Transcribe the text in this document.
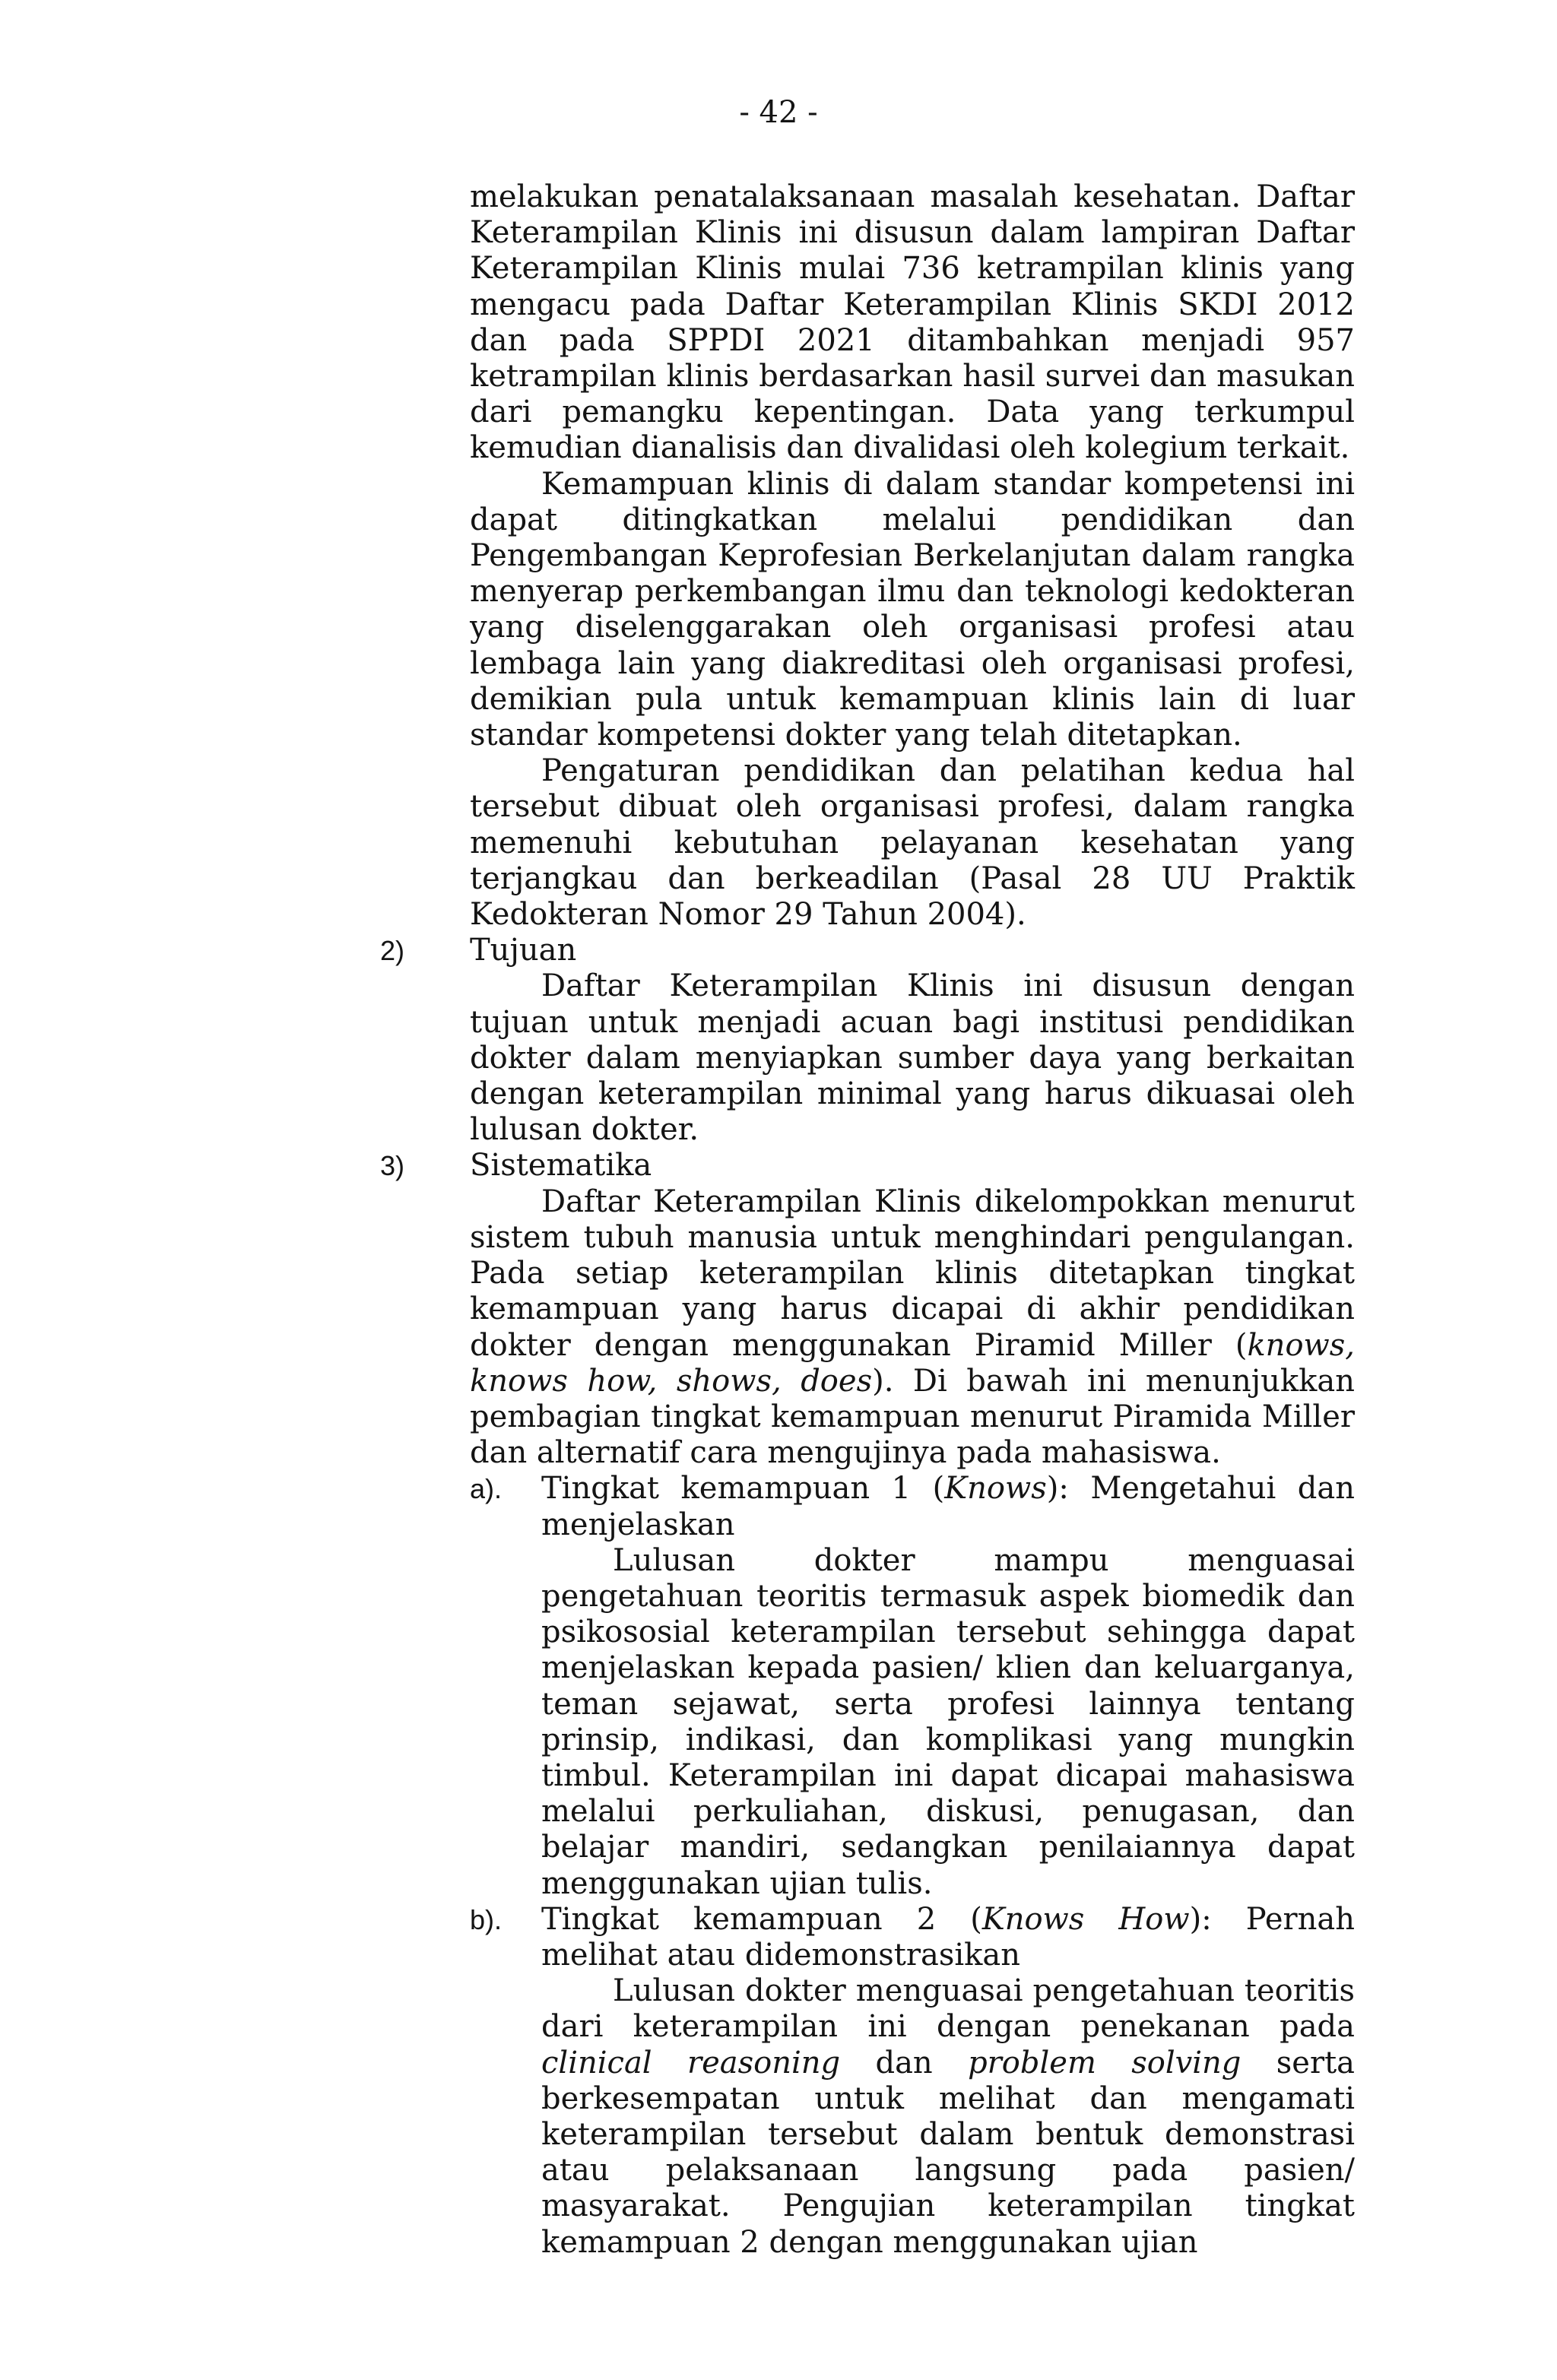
- 42 -

melakukan penatalaksanaan masalah kesehatan. Daftar Keterampilan Klinis ini disusun dalam lampiran Daftar Keterampilan Klinis mulai 736 ketrampilan klinis yang mengacu pada Daftar Keterampilan Klinis SKDI 2012 dan pada SPPDI 2021 ditambahkan menjadi 957 ketrampilan klinis berdasarkan hasil survei dan masukan dari pemangku kepentingan. Data yang terkumpul kemudian dianalisis dan divalidasi oleh kolegium terkait.

Kemampuan klinis di dalam standar kompetensi ini dapat ditingkatkan melalui pendidikan dan Pengembangan Keprofesian Berkelanjutan dalam rangka menyerap perkembangan ilmu dan teknologi kedokteran yang diselenggarakan oleh organisasi profesi atau lembaga lain yang diakreditasi oleh organisasi profesi, demikian pula untuk kemampuan klinis lain di luar standar kompetensi dokter yang telah ditetapkan.

Pengaturan pendidikan dan pelatihan kedua hal tersebut dibuat oleh organisasi profesi, dalam rangka memenuhi kebutuhan pelayanan kesehatan yang terjangkau dan berkeadilan (Pasal 28 UU Praktik Kedokteran Nomor 29 Tahun 2004).

2) Tujuan

Daftar Keterampilan Klinis ini disusun dengan tujuan untuk menjadi acuan bagi institusi pendidikan dokter dalam menyiapkan sumber daya yang berkaitan dengan keterampilan minimal yang harus dikuasai oleh lulusan dokter.

3) Sistematika

Daftar Keterampilan Klinis dikelompokkan menurut sistem tubuh manusia untuk menghindari pengulangan. Pada setiap keterampilan klinis ditetapkan tingkat kemampuan yang harus dicapai di akhir pendidikan dokter dengan menggunakan Piramid Miller (knows, knows how, shows, does). Di bawah ini menunjukkan pembagian tingkat kemampuan menurut Piramida Miller dan alternatif cara mengujinya pada mahasiswa.

a). Tingkat kemampuan 1 (Knows): Mengetahui dan menjelaskan

Lulusan dokter mampu menguasai pengetahuan teoritis termasuk aspek biomedik dan psikososial keterampilan tersebut sehingga dapat menjelaskan kepada pasien/ klien dan keluarganya, teman sejawat, serta profesi lainnya tentang prinsip, indikasi, dan komplikasi yang mungkin timbul. Keterampilan ini dapat dicapai mahasiswa melalui perkuliahan, diskusi, penugasan, dan belajar mandiri, sedangkan penilaiannya dapat menggunakan ujian tulis.

b). Tingkat kemampuan 2 (Knows How): Pernah melihat atau didemonstrasikan

Lulusan dokter menguasai pengetahuan teoritis dari keterampilan ini dengan penekanan pada clinical reasoning dan problem solving serta berkesempatan untuk melihat dan mengamati keterampilan tersebut dalam bentuk demonstrasi atau pelaksanaan langsung pada pasien/ masyarakat. Pengujian keterampilan tingkat kemampuan 2 dengan menggunakan ujian
